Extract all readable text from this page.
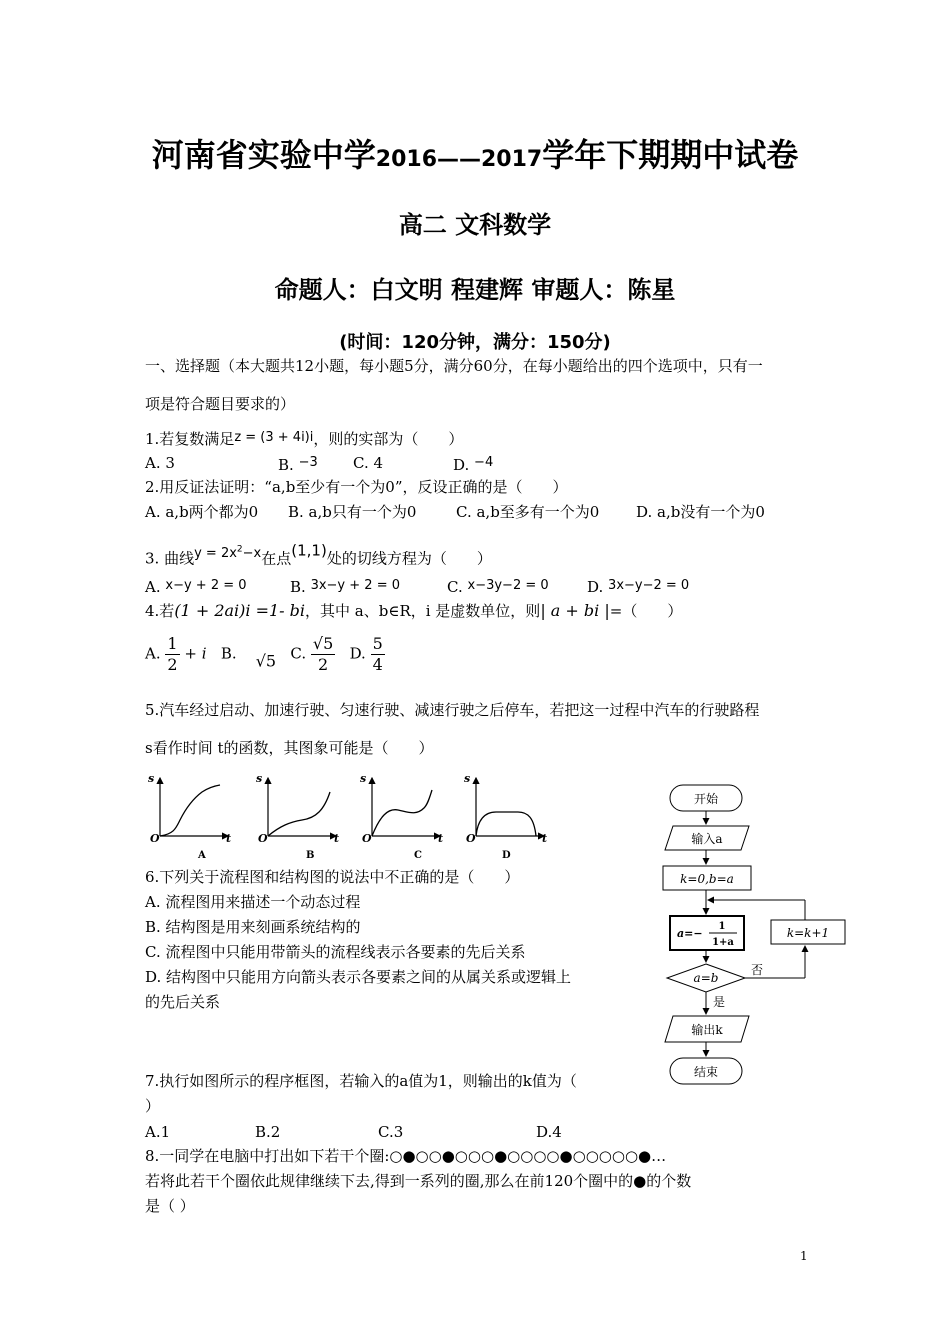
河南省实验中学2016——2017学年下期期中试卷
高二 文科数学
命题人：白文明 程建辉 审题人：陈星
(时间：120分钟，满分：150分)
一、选择题（本大题共12小题，每小题5分，满分60分，在每小题给出的四个选项中，只有一
项是符合题目要求的）
1.若复数满足z = (3 + 4i)i，则的实部为（　　）
A. 3	B. −3 C. 4	D. −4
2.用反证法证明：“a,b至少有一个为0”，反设正确的是（　　）
A. a,b两个都为0 B. a,b只有一个为0	C. a,b至多有一个为0 D. a,b没有一个为0
3. 曲线$y = 2x^2-x$在点(1,1)处的切线方程为（　　）
A. x−y + 2 = 0	B. 3x−y + 2 = 0	C. x−3y−2 = 0	D. 3x−y−2 = 0
4.若(1 + 2ai)i =1- bi，其中 a、b∈R，i 是虚数单位，则| a + bi |=（　　）
A. $\frac{1}{2} + i$ B. √5 C. $\frac{√5}{2} D$. $\frac{5}{4}$
5.汽车经过启动、加速行驶、匀速行驶、减速行驶之后停车，若把这一过程中汽车的行驶路程
s看作时间 t的函数，其图象可能是（　　）
s
t
O
A
s
t
O
B
s
t
O
C
s
t
O
D
6.下列关于流程图和结构图的说法中不正确的是（　　）
A. 流程图用来描述一个动态过程
B. 结构图是用来刻画系统结构的
C. 流程图中只能用带箭头的流程线表示各要素的先后关系
D. 结构图中只能用方向箭头表示各要素之间的从属关系或逻辑上
的先后关系
开始
输入a
k=0,b=a
a=−
1
1+a
a=b
否
k=k+1
是
输出k
结束
7.执行如图所示的程序框图，若输入的a值为1，则输出的k值为（
）
A.1	B.2	C.3	D.4
8.一同学在电脑中打出如下若干个圈:○●○○●○○○●○○○○●○○○○○●…
若将此若干个圈依此规律继续下去,得到一系列的圈,那么在前120个圈中的●的个数
是（ ）
1
